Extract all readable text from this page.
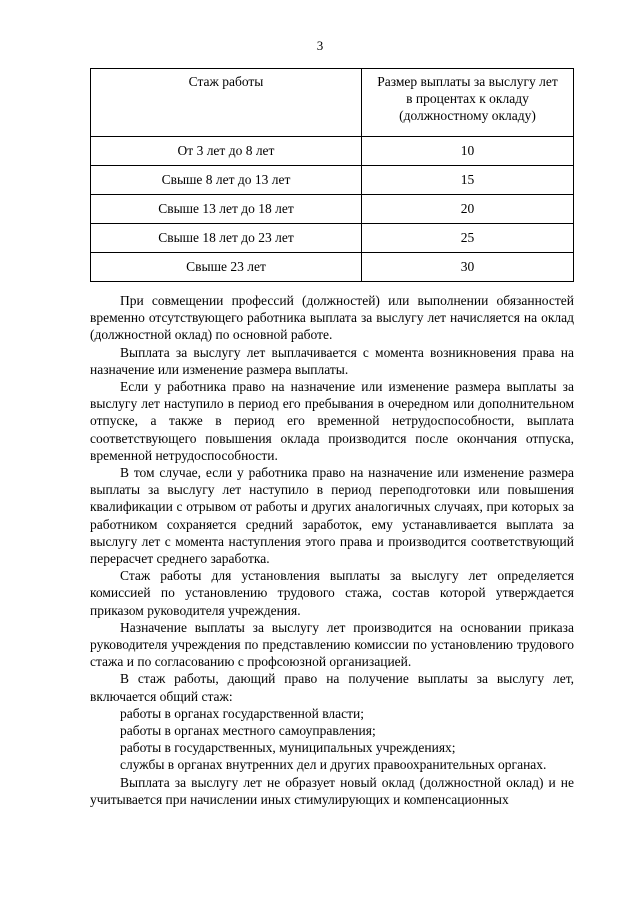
3
Стаж работы	Размер выплаты за выслугу лет
в процентах к окладу
(должностному окладу)
От 3 лет до 8 лет	10
Свыше 8 лет до 13 лет	15
Свыше 13 лет до 18 лет	20
Свыше 18 лет до 23 лет	25
Свыше 23 лет	30

При совмещении профессий (должностей) или выполнении обязанностей временно отсутствующего работника выплата за выслугу лет начисляется на оклад (должностной оклад) по основной работе.

Выплата за выслугу лет выплачивается с момента возникновения права на назначение или изменение размера выплаты.

Если у работника право на назначение или изменение размера выплаты за выслугу лет наступило в период его пребывания в очередном или дополнительном отпуске, а также в период его временной нетрудоспособности, выплата соответствующего повышения оклада производится после окончания отпуска, временной нетрудоспособности.

В том случае, если у работника право на назначение или изменение размера выплаты за выслугу лет наступило в период переподготовки или повышения квалификации с отрывом от работы и других аналогичных случаях, при которых за работником сохраняется средний заработок, ему устанавливается выплата за выслугу лет с момента наступления этого права и производится соответствующий перерасчет среднего заработка.

Стаж работы для установления выплаты за выслугу лет определяется комиссией по установлению трудового стажа, состав которой утверждается приказом руководителя учреждения.

Назначение выплаты за выслугу лет производится на основании приказа руководителя учреждения по представлению комиссии по установлению трудового стажа и по согласованию с профсоюзной организацией.

В стаж работы, дающий право на получение выплаты за выслугу лет, включается общий стаж:

работы в органах государственной власти;

работы в органах местного самоуправления;

работы в государственных, муниципальных учреждениях;

службы в органах внутренних дел и других правоохранительных органах.

Выплата за выслугу лет не образует новый оклад (должностной оклад) и не учитывается при начислении иных стимулирующих и компенсационных
